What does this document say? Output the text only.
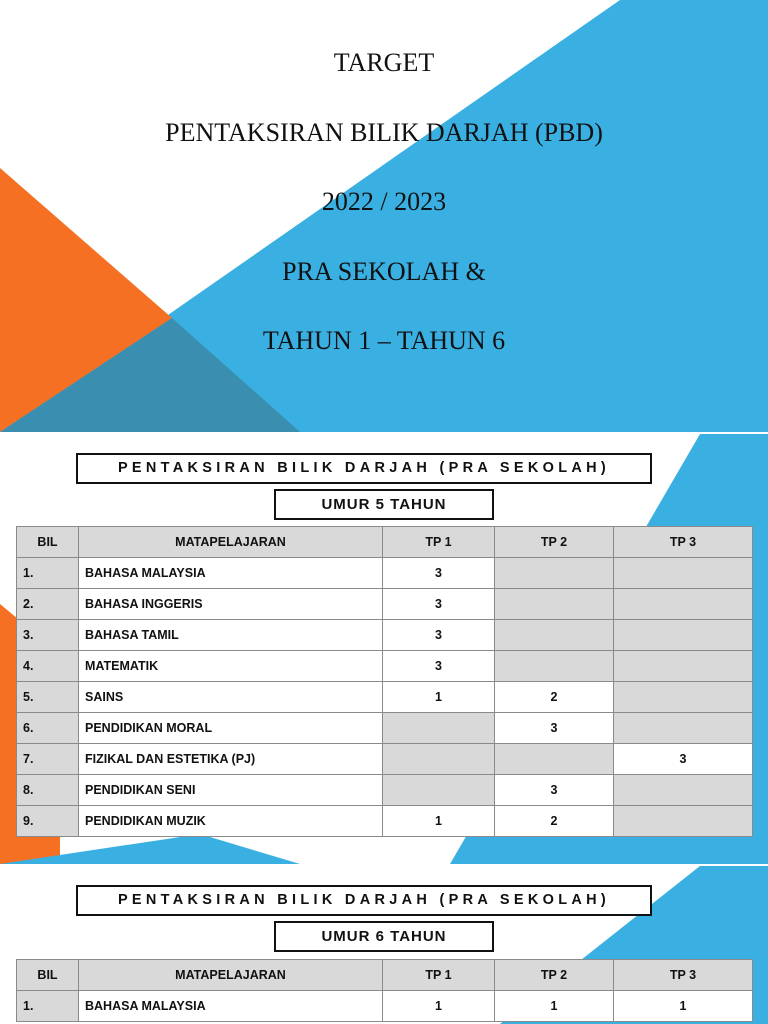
TARGET
PENTAKSIRAN BILIK DARJAH (PBD)
2022 / 2023
PRA SEKOLAH &
TAHUN 1 – TAHUN 6
PENTAKSIRAN BILIK DARJAH (PRA SEKOLAH)
UMUR 5 TAHUN
BIL	MATAPELAJARAN	TP 1	TP 2	TP 3
1.	BAHASA MALAYSIA	3		
2.	BAHASA INGGERIS	3		
3.	BAHASA TAMIL	3		
4.	MATEMATIK	3		
5.	SAINS	1	2	
6.	PENDIDIKAN MORAL		3	
7.	FIZIKAL DAN ESTETIKA (PJ)			3
8.	PENDIDIKAN SENI		3	
9.	PENDIDIKAN MUZIK	1	2	
PENTAKSIRAN BILIK DARJAH (PRA SEKOLAH)
UMUR 6 TAHUN
BIL	MATAPELAJARAN	TP 1	TP 2	TP 3
1.	BAHASA MALAYSIA	1	1	1
